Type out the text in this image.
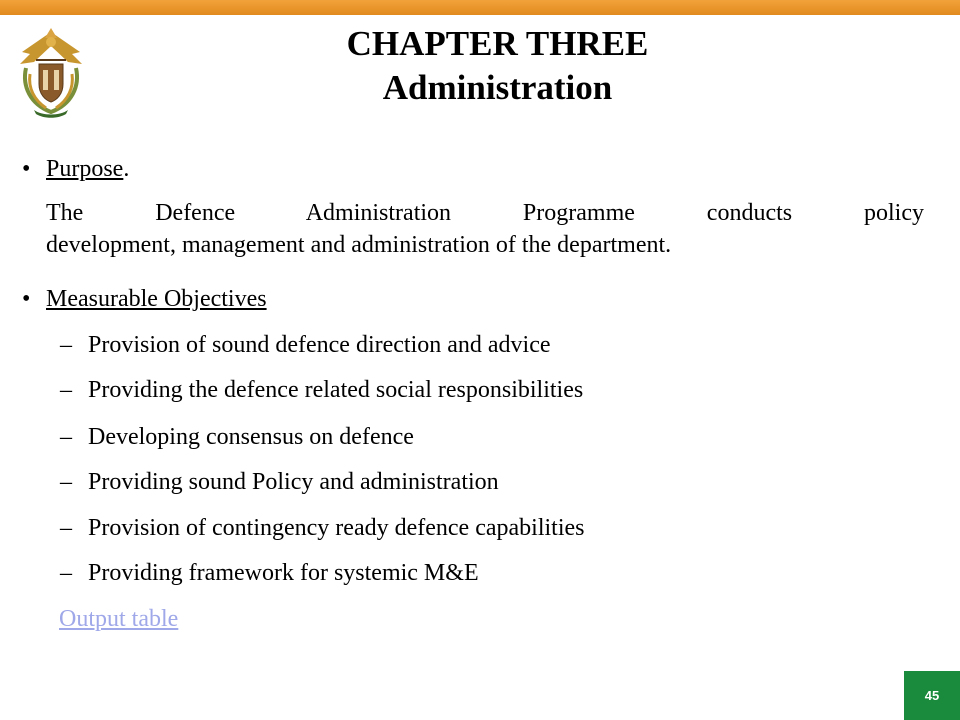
CHAPTER THREE
Administration
• Purpose.
The Defence Administration Programme conducts policy
development, management and administration of the department.
• Measurable Objectives
– Provision of sound defence direction and advice
– Providing the defence related social responsibilities
– Developing consensus on defence
– Providing sound Policy and administration
– Provision of contingency ready defence capabilities
– Providing framework for systemic M&E
Output table
45
